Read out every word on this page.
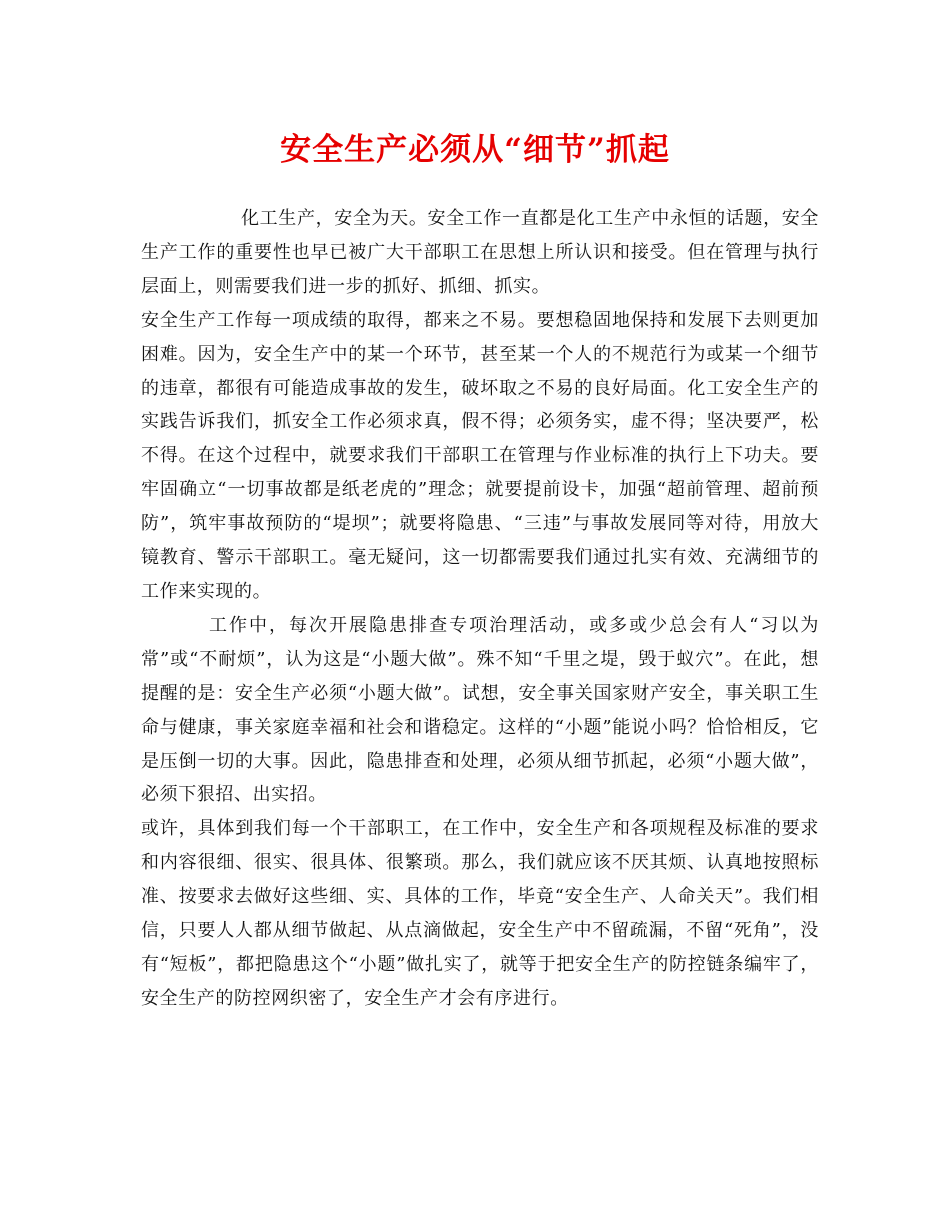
安全生产必须从“细节”抓起

化工生产，安全为天。安全工作一直都是化工生产中永恒的话题，安全生产工作的重要性也早已被广大干部职工在思想上所认识和接受。但在管理与执行层面上，则需要我们进一步的抓好、抓细、抓实。

安全生产工作每一项成绩的取得，都来之不易。要想稳固地保持和发展下去则更加困难。因为，安全生产中的某一个环节，甚至某一个人的不规范行为或某一个细节的违章，都很有可能造成事故的发生，破坏取之不易的良好局面。化工安全生产的实践告诉我们，抓安全工作必须求真，假不得；必须务实，虚不得；坚决要严，松不得。在这个过程中，就要求我们干部职工在管理与作业标准的执行上下功夫。要牢固确立“一切事故都是纸老虎的”理念；就要提前设卡，加强“超前管理、超前预防”，筑牢事故预防的“堤坝”；就要将隐患、“三违”与事故发展同等对待，用放大镜教育、警示干部职工。毫无疑问，这一切都需要我们通过扎实有效、充满细节的工作来实现的。

工作中，每次开展隐患排查专项治理活动，或多或少总会有人“习以为常”或“不耐烦”，认为这是“小题大做”。殊不知“千里之堤，毁于蚁穴”。在此，想提醒的是：安全生产必须“小题大做”。试想，安全事关国家财产安全，事关职工生命与健康，事关家庭幸福和社会和谐稳定。这样的“小题”能说小吗？恰恰相反，它是压倒一切的大事。因此，隐患排查和处理，必须从细节抓起，必须“小题大做”，必须下狠招、出实招。

或许，具体到我们每一个干部职工，在工作中，安全生产和各项规程及标准的要求和内容很细、很实、很具体、很繁琐。那么，我们就应该不厌其烦、认真地按照标准、按要求去做好这些细、实、具体的工作，毕竟“安全生产、人命关天”。我们相信，只要人人都从细节做起、从点滴做起，安全生产中不留疏漏，不留“死角”，没有“短板”，都把隐患这个“小题”做扎实了，就等于把安全生产的防控链条编牢了，安全生产的防控网织密了，安全生产才会有序进行。
